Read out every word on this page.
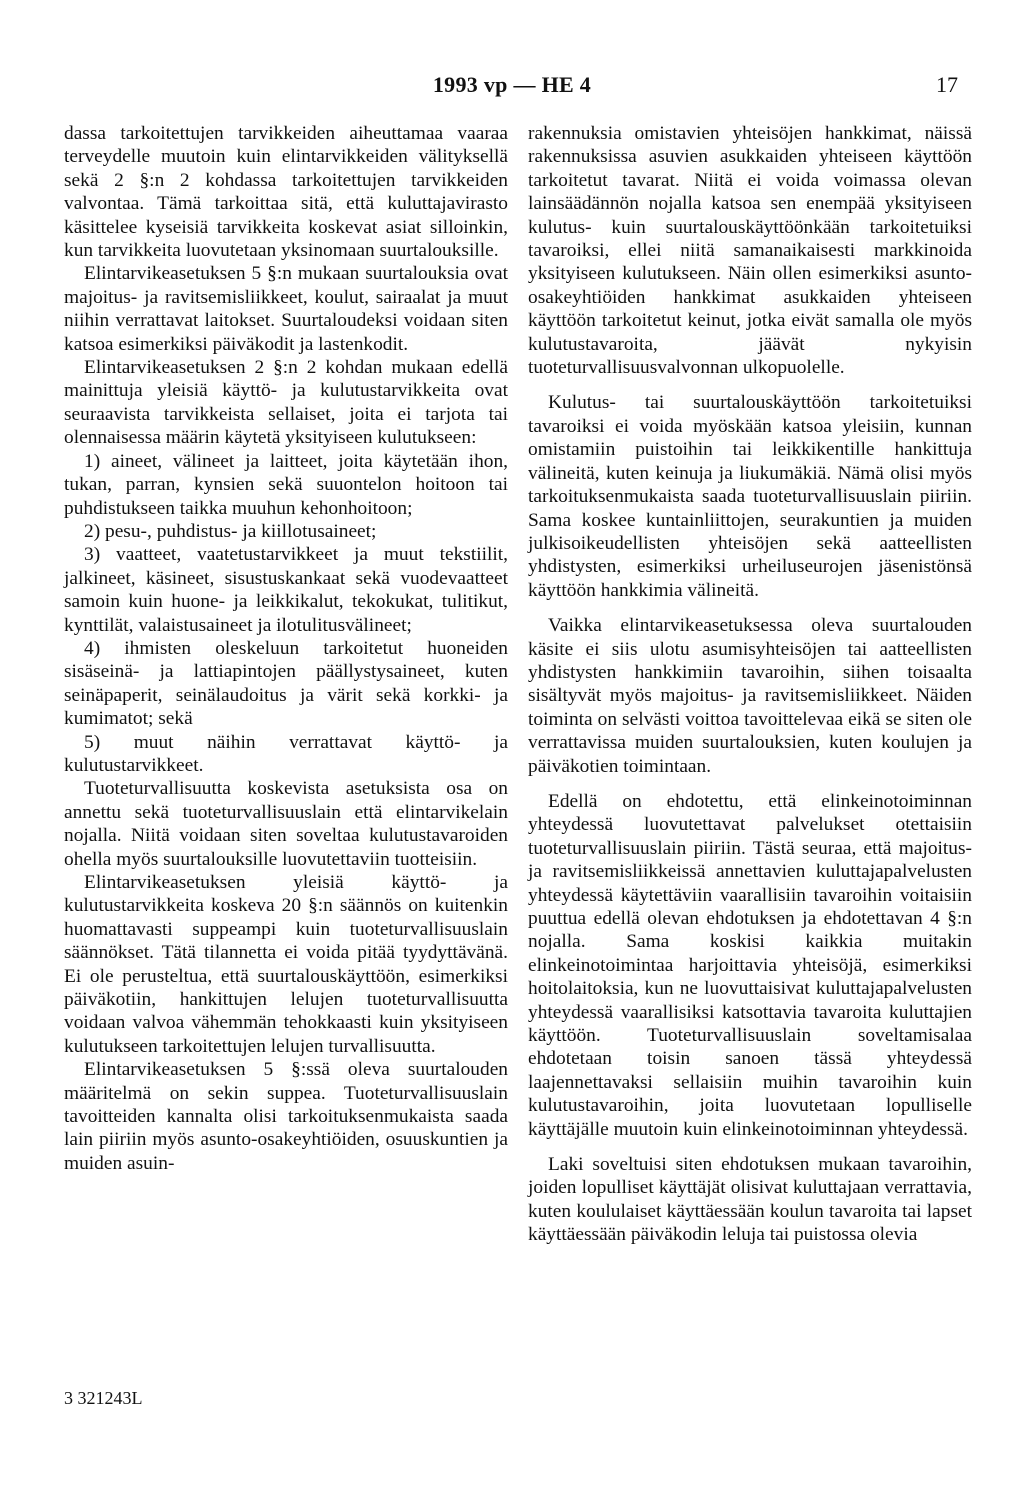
1993 vp — HE 4	17

dassa tarkoitettujen tarvikkeiden aiheuttamaa vaaraa terveydelle muutoin kuin elintarvikkeiden välityksellä sekä 2 §:n 2 kohdassa tarkoitettujen tarvikkeiden valvontaa. Tämä tarkoittaa sitä, että kuluttajavirasto käsittelee kyseisiä tarvikkeita koskevat asiat silloinkin, kun tarvikkeita luovutetaan yksinomaan suurtalouksille.

Elintarvikeasetuksen 5 §:n mukaan suurtalouksia ovat majoitus- ja ravitsemisliikkeet, koulut, sairaalat ja muut niihin verrattavat laitokset. Suurtaloudeksi voidaan siten katsoa esimerkiksi päiväkodit ja lastenkodit.

Elintarvikeasetuksen 2 §:n 2 kohdan mukaan edellä mainittuja yleisiä käyttö- ja kulutustarvikkeita ovat seuraavista tarvikkeista sellaiset, joita ei tarjota tai olennaisessa määrin käytetä yksityiseen kulutukseen:

1) aineet, välineet ja laitteet, joita käytetään ihon, tukan, parran, kynsien sekä suuontelon hoitoon tai puhdistukseen taikka muuhun kehonhoitoon;

2) pesu-, puhdistus- ja kiillotusaineet;

3) vaatteet, vaatetustarvikkeet ja muut tekstiilit, jalkineet, käsineet, sisustuskankaat sekä vuodevaatteet samoin kuin huone- ja leikkikalut, tekokukat, tulitikut, kynttilät, valaistusaineet ja ilotulitusvälineet;

4) ihmisten oleskeluun tarkoitetut huoneiden sisäseinä- ja lattiapintojen päällystysaineet, kuten seinäpaperit, seinälaudoitus ja värit sekä korkki- ja kumimatot; sekä

5) muut näihin verrattavat käyttö- ja kulutustarvikkeet.

Tuoteturvallisuutta koskevista asetuksista osa on annettu sekä tuoteturvallisuuslain että elintarvikelain nojalla. Niitä voidaan siten soveltaa kulutustavaroiden ohella myös suurtalouksille luovutettaviin tuotteisiin.

Elintarvikeasetuksen yleisiä käyttö- ja kulutustarvikkeita koskeva 20 §:n säännös on kuitenkin huomattavasti suppeampi kuin tuoteturvallisuuslain säännökset. Tätä tilannetta ei voida pitää tyydyttävänä. Ei ole perusteltua, että suurtalouskäyttöön, esimerkiksi päiväkotiin, hankittujen lelujen tuoteturvallisuutta voidaan valvoa vähemmän tehokkaasti kuin yksityiseen kulutukseen tarkoitettujen lelujen turvallisuutta.

Elintarvikeasetuksen 5 §:ssä oleva suurtalouden määritelmä on sekin suppea. Tuoteturvallisuuslain tavoitteiden kannalta olisi tarkoituksenmukaista saada lain piiriin myös asunto-osakeyhtiöiden, osuuskuntien ja muiden asuin-

rakennuksia omistavien yhteisöjen hankkimat, näissä rakennuksissa asuvien asukkaiden yhteiseen käyttöön tarkoitetut tavarat. Niitä ei voida voimassa olevan lainsäädännön nojalla katsoa sen enempää yksityiseen kulutus- kuin suurtalouskäyttöönkään tarkoitetuiksi tavaroiksi, ellei niitä samanaikaisesti markkinoida yksityiseen kulutukseen. Näin ollen esimerkiksi asunto-osakeyhtiöiden hankkimat asukkaiden yhteiseen käyttöön tarkoitetut keinut, jotka eivät samalla ole myös kulutustavaroita, jäävät nykyisin tuoteturvallisuusvalvonnan ulkopuolelle.

Kulutus- tai suurtalouskäyttöön tarkoitetuiksi tavaroiksi ei voida myöskään katsoa yleisiin, kunnan omistamiin puistoihin tai leikkikentille hankittuja välineitä, kuten keinuja ja liukumäkiä. Nämä olisi myös tarkoituksenmukaista saada tuoteturvallisuuslain piiriin. Sama koskee kuntainliittojen, seurakuntien ja muiden julkisoikeudellisten yhteisöjen sekä aatteellisten yhdistysten, esimerkiksi urheiluseurojen jäsenistönsä käyttöön hankkimia välineitä.

Vaikka elintarvikeasetuksessa oleva suurtalouden käsite ei siis ulotu asumisyhteisöjen tai aatteellisten yhdistysten hankkimiin tavaroihin, siihen toisaalta sisältyvät myös majoitus- ja ravitsemisliikkeet. Näiden toiminta on selvästi voittoa tavoittelevaa eikä se siten ole verrattavissa muiden suurtalouksien, kuten koulujen ja päiväkotien toimintaan.

Edellä on ehdotettu, että elinkeinotoiminnan yhteydessä luovutettavat palvelukset otettaisiin tuoteturvallisuuslain piiriin. Tästä seuraa, että majoitus- ja ravitsemisliikkeissä annettavien kuluttajapalvelusten yhteydessä käytettäviin vaarallisiin tavaroihin voitaisiin puuttua edellä olevan ehdotuksen ja ehdotettavan 4 §:n nojalla. Sama koskisi kaikkia muitakin elinkeinotoimintaa harjoittavia yhteisöjä, esimerkiksi hoitolaitoksia, kun ne luovuttaisivat kuluttajapalvelusten yhteydessä vaarallisiksi katsottavia tavaroita kuluttajien käyttöön. Tuoteturvallisuuslain soveltamisalaa ehdotetaan toisin sanoen tässä yhteydessä laajennettavaksi sellaisiin muihin tavaroihin kuin kulutustavaroihin, joita luovutetaan lopulliselle käyttäjälle muutoin kuin elinkeinotoiminnan yhteydessä.

Laki soveltuisi siten ehdotuksen mukaan tavaroihin, joiden lopulliset käyttäjät olisivat kuluttajaan verrattavia, kuten koululaiset käyttäessään koulun tavaroita tai lapset käyttäessään päiväkodin leluja tai puistossa olevia

3 321243L
